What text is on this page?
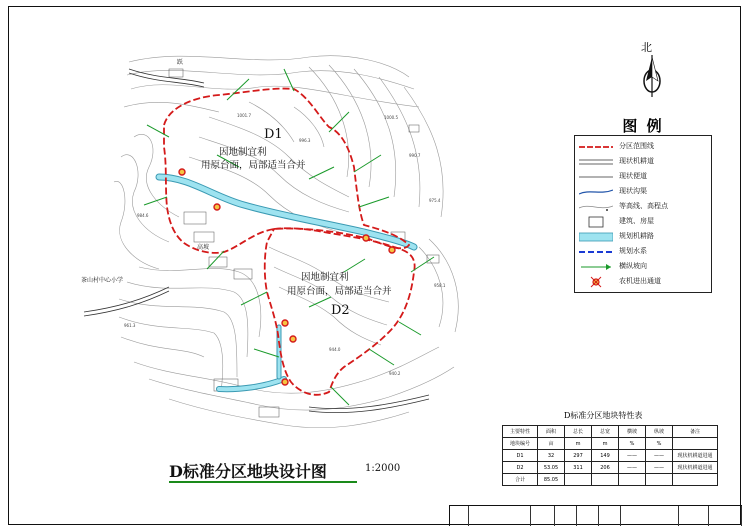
1000.5
990.7
975.4
984.6
961.3
944.0
940.2
958.1
1001.7
996.3
D1
因地制宜利
用原台面，局部适当合并
因地制宜利
用原台面，局部适当合并
D2
茶山村中心小学
高坡
跃
北
图 例
分区范围线
现状机耕道
现状便道
现状沟渠
等高线、高程点
建筑、房屋
规划机耕路
规划水系
横纵坡向
农机进出通道
D标准分区地块设计图	1:2000
D标准分区地块特性表
主要特性	面积	总长	总宽	横坡	纵坡	备注
地块编号	亩	m	m	%	%	
D1	32	297	149	——	——	现状机耕道进通
D2	53.05	311	206	——	——	现状机耕道进通
合计	85.05					
